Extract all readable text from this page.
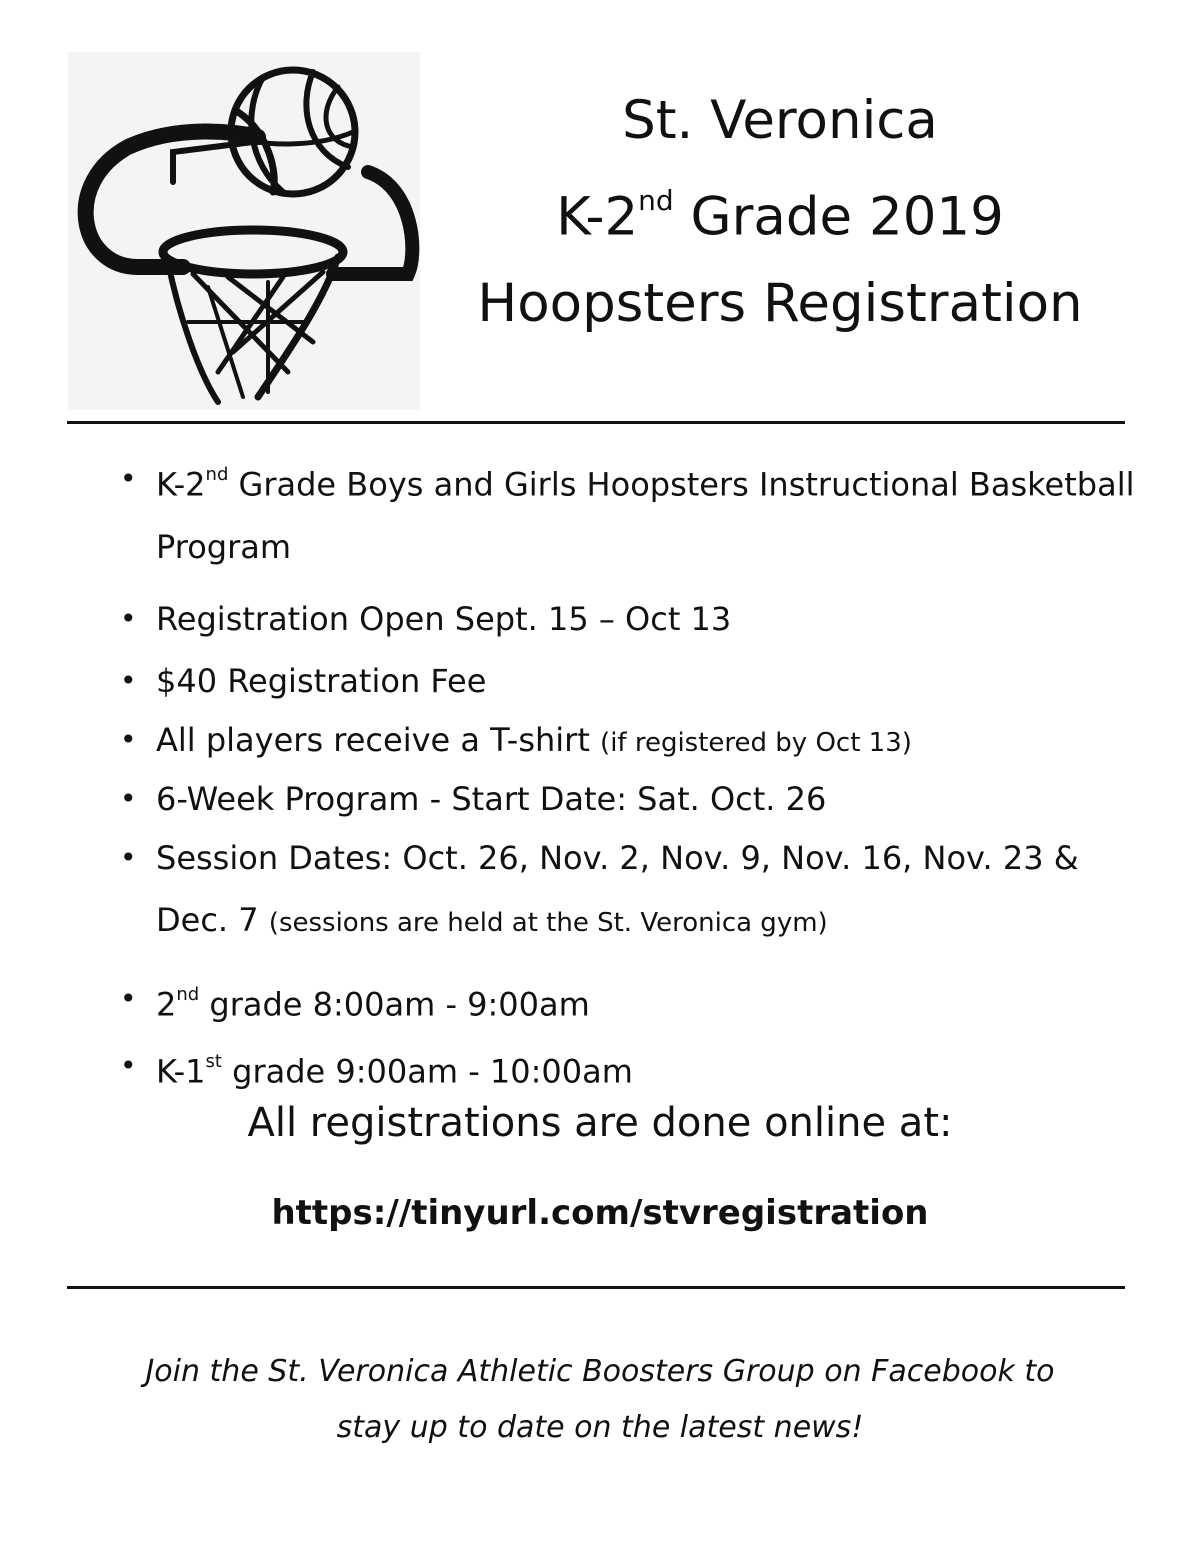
St. Veronica
K-2nd Grade 2019
Hoopsters Registration
• K-2nd Grade Boys and Girls Hoopsters Instructional Basketball Program
• Registration Open Sept. 15 – Oct 13
• $40 Registration Fee
• All players receive a T-shirt (if registered by Oct 13)
• 6-Week Program - Start Date: Sat. Oct. 26
• Session Dates: Oct. 26, Nov. 2, Nov. 9, Nov. 16, Nov. 23 & Dec. 7 (sessions are held at the St. Veronica gym)
• 2nd grade 8:00am - 9:00am
• K-1st grade 9:00am - 10:00am
All registrations are done online at:
https://tinyurl.com/stvregistration
Join the St. Veronica Athletic Boosters Group on Facebook to
stay up to date on the latest news!
